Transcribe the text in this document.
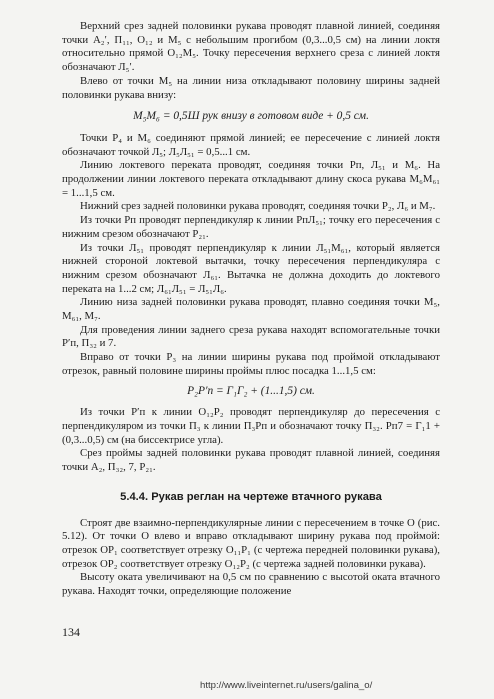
Верхний срез задней половинки рукава проводят плавной линией, соединяя точки A₂′, Π₁₁, O₁₂ и M₅ с небольшим прогибом (0,3...0,5 см) на линии локтя относительно прямой O₁₂M₅. Точку пересечения верхнего среза с линией локтя обозначают Л₅′.

Влево от точки M₅ на линии низа откладывают половину ширины задней половинки рукава внизу:

M₅M₆ = 0,5Ш рук внизу в готовом виде + 0,5 см.

Точки P₄ и M₆ соединяют прямой линией; ее пересечение с линией локтя обозначают точкой Л₅; Л₅Л₅₁ = 0,5...1 см.

Линию локтевого переката проводят, соединяя точки Pп, Л₅₁ и M₆. На продолжении линии локтевого переката откладывают длину скоса рукава M₆M₆₁ = 1...1,5 см.

Нижний срез задней половинки рукава проводят, соединяя точки P₂, Л₆ и M₇.

Из точки Pп проводят перпендикуляр к линии PпЛ₅₁; точку его пересечения с нижним срезом обозначают P₂₁.

Из точки Л₅₁ проводят перпендикуляр к линии Л₅₁M₆₁, который является нижней стороной локтевой вытачки, точку пересечения перпендикуляра с нижним срезом обозначают Л₆₁. Вытачка не должна доходить до локтевого переката на 1...2 см; Л₆₁Л₅₁ = Л₅₁Л₆.

Линию низа задней половинки рукава проводят, плавно соединяя точки M₅, M₆₁, M₇.

Для проведения линии заднего среза рукава находят вспомогательные точки P′п, П₃₂ и 7.

Вправо от точки P₃ на линии ширины рукава под проймой откладывают отрезок, равный половине ширины проймы плюс посадка 1...1,5 см:

P₂P′п = Г₁Г₂ + (1...1,5) см.

Из точки P′п к линии O₁₂P₂ проводят перпендикуляр до пересечения с перпендикуляром из точки П₃ к линии П₃Pп и обозначают точку П₃₂. Pп7 = Г₁1 + (0,3...0,5) см (на биссектрисе угла).

Срез проймы задней половинки рукава проводят плавной линией, соединяя точки A₂, П₃₂, 7, P₂₁.

5.4.4. Рукав реглан на чертеже втачного рукава

Строят две взаимно-перпендикулярные линии с пересечением в точке O (рис. 5.12). От точки O влево и вправо откладывают ширину рукава под проймой: отрезок OP₁ соответствует отрезку O₁₁P₁ (с чертежа передней половинки рукава), отрезок OP₂ соответствует отрезку O₁₂P₂ (с чертежа задней половинки рукава).

Высоту оката увеличивают на 0,5 см по сравнению с высотой оката втачного рукава. Находят точки, определяющие положение

134
http://www.liveinternet.ru/users/galina_o/
